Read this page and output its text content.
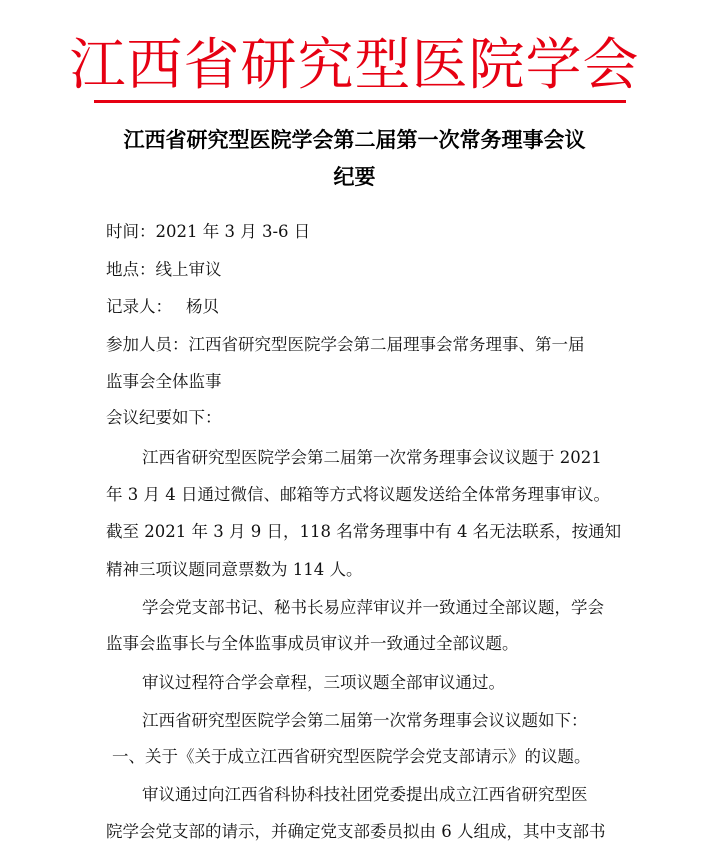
江西省研究型医院学会
江西省研究型医院学会第二届第一次常务理事会议
纪要
时间：2021 年 3 月 3-6 日
地点：线上审议
记录人： 杨贝
参加人员：江西省研究型医院学会第二届理事会常务理事、第一届
监事会全体监事
会议纪要如下：
江西省研究型医院学会第二届第一次常务理事会议议题于 2021
年 3 月 4 日通过微信、邮箱等方式将议题发送给全体常务理事审议。
截至 2021 年 3 月 9 日，118 名常务理事中有 4 名无法联系，按通知
精神三项议题同意票数为 114 人。
学会党支部书记、秘书长易应萍审议并一致通过全部议题，学会
监事会监事长与全体监事成员审议并一致通过全部议题。
审议过程符合学会章程，三项议题全部审议通过。
江西省研究型医院学会第二届第一次常务理事会议议题如下：
一、关于《关于成立江西省研究型医院学会党支部请示》的议题。
审议通过向江西省科协科技社团党委提出成立江西省研究型医
院学会党支部的请示，并确定党支部委员拟由 6 人组成，其中支部书
